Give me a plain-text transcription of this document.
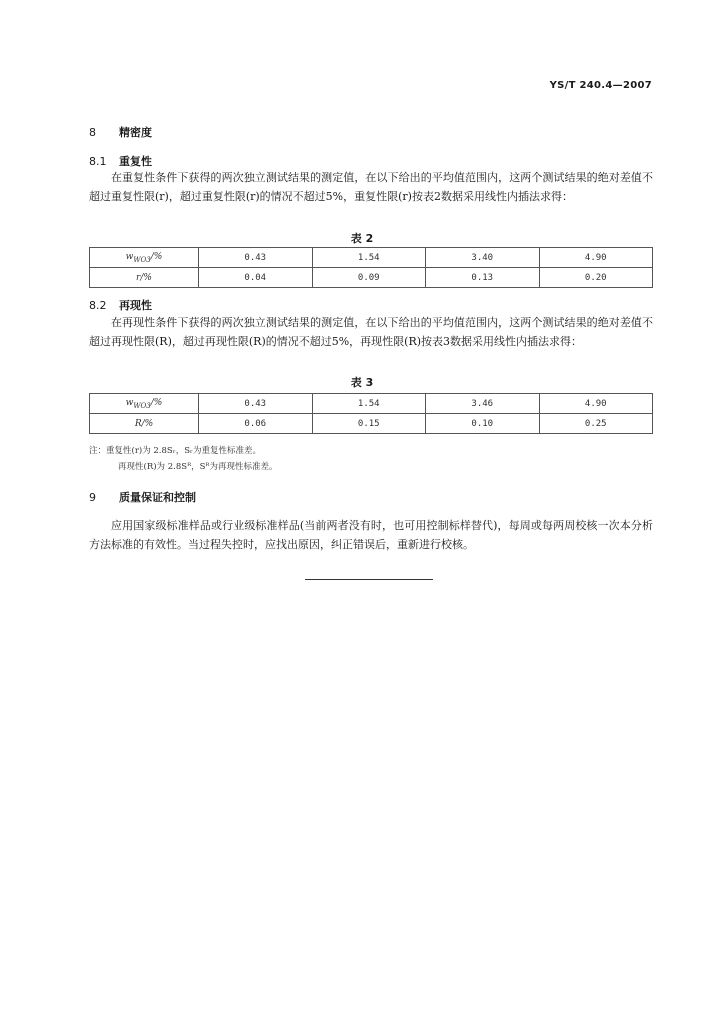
YS/T 240.4—2007
8 精密度
8.1 重复性
在重复性条件下获得的两次独立测试结果的测定值，在以下给出的平均值范围内，这两个测试结果的绝对差值不超过重复性限(r)，超过重复性限(r)的情况不超过5%，重复性限(r)按表2数据采用线性内插法求得：
表 2
$w_{WO3}/\%$	0.43	1.54	3.40	4.90
r/%	0.04	0.09	0.13	0.20
8.2 再现性
在再现性条件下获得的两次独立测试结果的测定值，在以下给出的平均值范围内，这两个测试结果的绝对差值不超过再现性限(R)，超过再现性限(R)的情况不超过5%，再现性限(R)按表3数据采用线性内插法求得：
表 3
$w_{WO3}/\%$	0.43	1.54	3.46	4.90
R/%	0.06	0.15	0.10	0.25
注：重复性(r)为 2.8Sᵣ，Sᵣ为重复性标准差。
再现性(R)为 2.8Sᴿ，Sᴿ为再现性标准差。
9 质量保证和控制
应用国家级标准样品或行业级标准样品(当前两者没有时，也可用控制标样替代)，每周或每两周校核一次本分析方法标准的有效性。当过程失控时，应找出原因，纠正错误后，重新进行校核。
